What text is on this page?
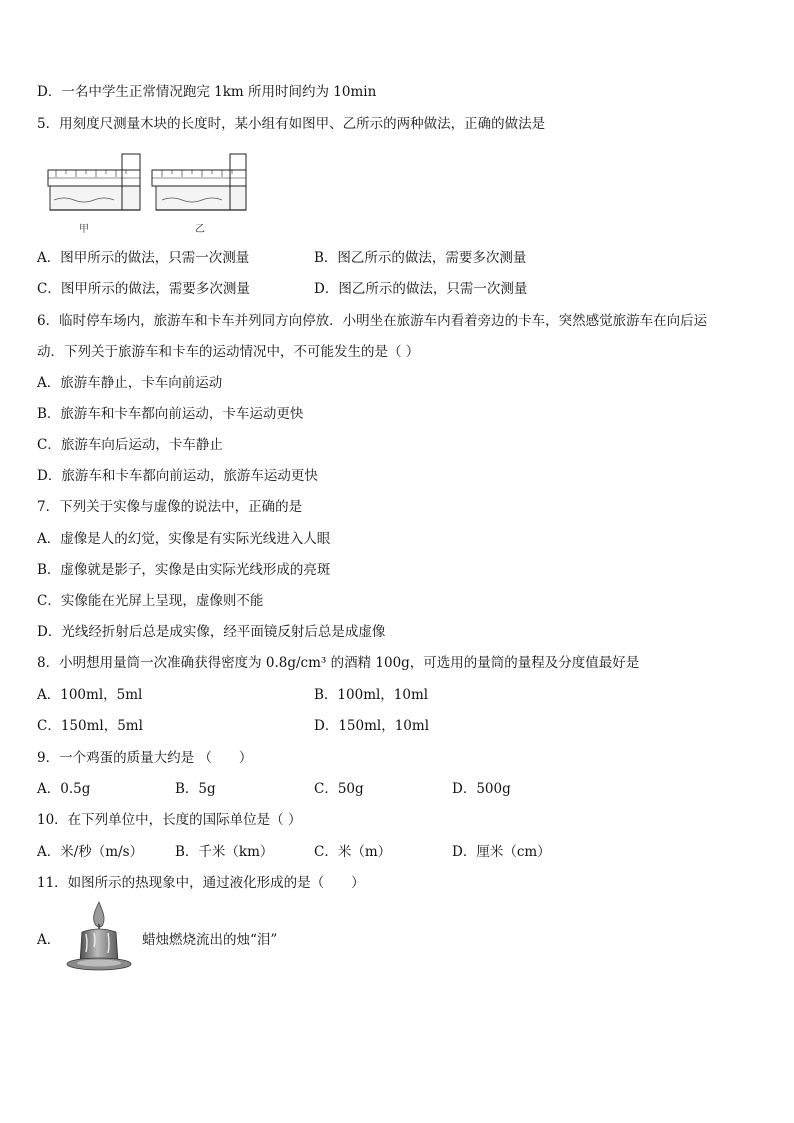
D．一名中学生正常情况跑完 1km 所用时间约为 10min
5．用刻度尺测量木块的长度时，某小组有如图甲、乙所示的两种做法，正确的做法是
甲	乙
A．图甲所示的做法，只需一次测量	B．图乙所示的做法，需要多次测量
C．图甲所示的做法，需要多次测量	D．图乙所示的做法，只需一次测量
6．临时停车场内，旅游车和卡车并列同方向停放．小明坐在旅游车内看着旁边的卡车，突然感觉旅游车在向后运
动．下列关于旅游车和卡车的运动情况中，不可能发生的是（ ）
A．旅游车静止，卡车向前运动
B．旅游车和卡车都向前运动，卡车运动更快
C．旅游车向后运动，卡车静止
D．旅游车和卡车都向前运动，旅游车运动更快
7．下列关于实像与虚像的说法中，正确的是
A．虚像是人的幻觉，实像是有实际光线进入人眼
B．虚像就是影子，实像是由实际光线形成的亮斑
C．实像能在光屏上呈现，虚像则不能
D．光线经折射后总是成实像，经平面镜反射后总是成虚像
8．小明想用量筒一次准确获得密度为 0.8g/cm³ 的酒精 100g，可选用的量筒的量程及分度值最好是
A．100ml，5ml	B．100ml，10ml
C．150ml，5ml	D．150ml，10ml
9．一个鸡蛋的质量大约是 （　　）
A．0.5g	B．5g	C．50g	D．500g
10．在下列单位中，长度的国际单位是（ ）
A．米/秒（m/s） B．千米（km）	C．米（m）	D．厘米（cm）
11．如图所示的热现象中，通过液化形成的是（　　）
A．	蜡烛燃烧流出的烛“泪”
